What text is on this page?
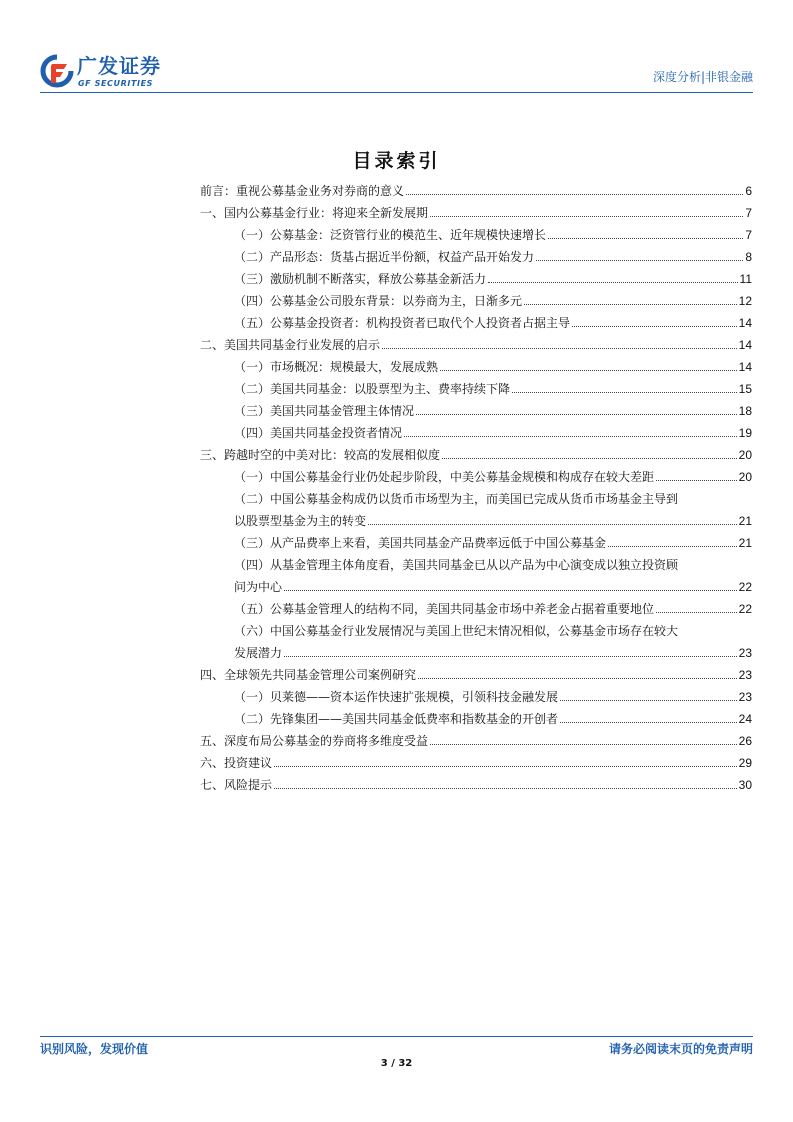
广发证券
GF SECURITIES	深度分析|非银金融
目录索引
前言：重视公募基金业务对券商的意义	6
一、国内公募基金行业：将迎来全新发展期	7
（一）公募基金：泛资管行业的模范生、近年规模快速增长	7
（二）产品形态：货基占据近半份额，权益产品开始发力	8
（三）激励机制不断落实，释放公募基金新活力	11
（四）公募基金公司股东背景：以券商为主，日渐多元	12
（五）公募基金投资者：机构投资者已取代个人投资者占据主导	14
二、美国共同基金行业发展的启示	14
（一）市场概况：规模最大，发展成熟	14
（二）美国共同基金：以股票型为主、费率持续下降	15
（三）美国共同基金管理主体情况	18
（四）美国共同基金投资者情况	19
三、跨越时空的中美对比：较高的发展相似度	20
（一）中国公募基金行业仍处起步阶段，中美公募基金规模和构成存在较大差距	20
（二）中国公募基金构成仍以货币市场型为主，而美国已完成从货币市场基金主导到
以股票型基金为主的转变	21
（三）从产品费率上来看，美国共同基金产品费率远低于中国公募基金	21
（四）从基金管理主体角度看，美国共同基金已从以产品为中心演变成以独立投资顾
问为中心	22
（五）公募基金管理人的结构不同，美国共同基金市场中养老金占据着重要地位	22
（六）中国公募基金行业发展情况与美国上世纪末情况相似，公募基金市场存在较大
发展潜力	23
四、全球领先共同基金管理公司案例研究	23
（一）贝莱德——资本运作快速扩张规模，引领科技金融发展	23
（二）先锋集团——美国共同基金低费率和指数基金的开创者	24
五、深度布局公募基金的券商将多维度受益	26
六、投资建议	29
七、风险提示	30
识别风险，发现价值	请务必阅读末页的免责声明
3 / 32
